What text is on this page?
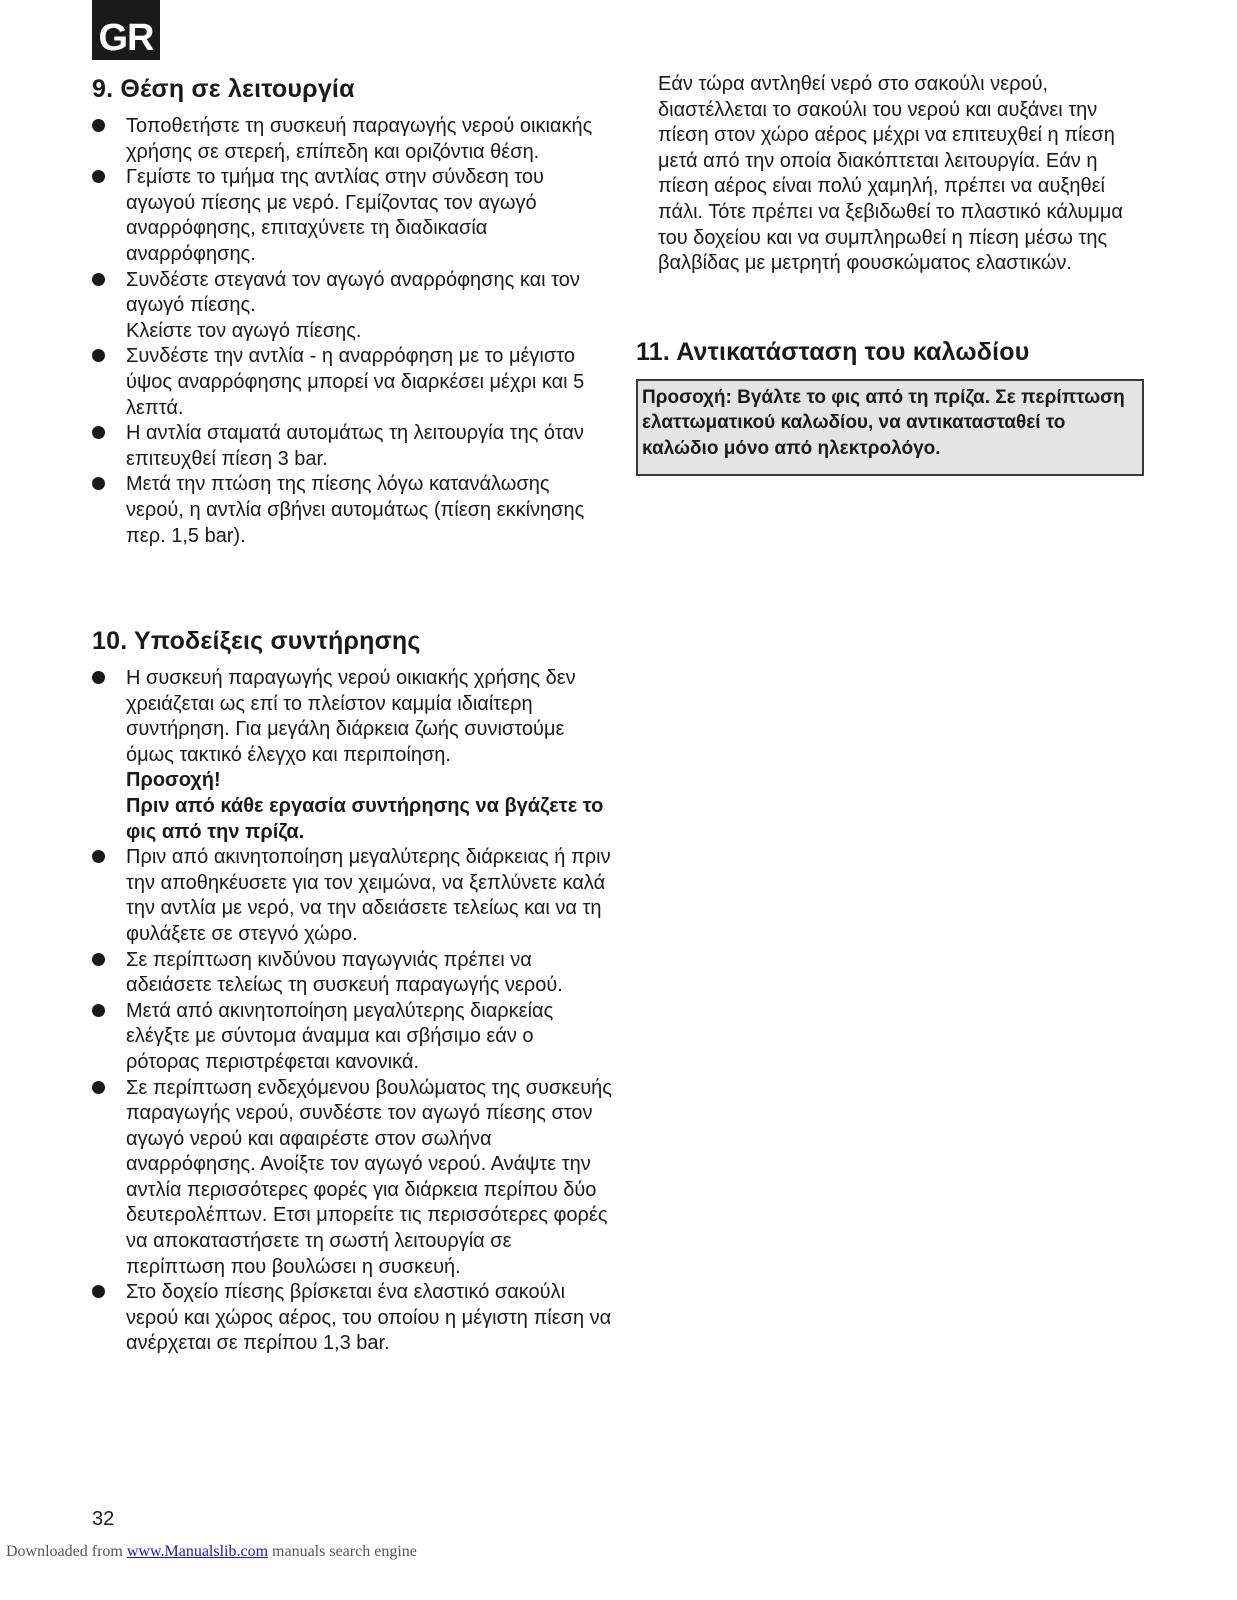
GR
9. Θέση σε λειτουργία

Τοποθετήστε τη συσκευή παραγωγής νερού οικιακής χρήσης σε στερεή, επίπεδη και οριζόντια θέση.

Γεμίστε το τμήμα της αντλίας στην σύνδεση του αγωγού πίεσης με νερό. Γεμίζοντας τον αγωγό αναρρόφησης, επιταχύνετε τη διαδικασία αναρρόφησης.

Συνδέστε στεγανά τον αγωγό αναρρόφησης και τον αγωγό πίεσης.

Κλείστε τον αγωγό πίεσης.

Συνδέστε την αντλία - η αναρρόφηση με το μέγιστο ύψος αναρρόφησης μπορεί να διαρκέσει μέχρι και 5 λεπτά.

Η αντλία σταματά αυτομάτως τη λειτουργία της όταν επιτευχθεί πίεση 3 bar.

Μετά την πτώση της πίεσης λόγω κατανάλωσης νερού, η αντλία σβήνει αυτομάτως (πίεση εκκίνησης περ. 1,5 bar).

10. Υποδείξεις συντήρησης

Η συσκευή παραγωγής νερού οικιακής χρήσης δεν χρειάζεται ως επί το πλείστον καμμία ιδιαίτερη συντήρηση. Για μεγάλη διάρκεια ζωής συνιστούμε όμως τακτικό έλεγχο και περιποίηση.

Προσοχή!

Πριν από κάθε εργασία συντήρησης να βγάζετε το φις από την πρίζα.

Πριν από ακινητοποίηση μεγαλύτερης διάρκειας ή πριν την αποθηκέυσετε για τον χειμώνα, να ξεπλύνετε καλά την αντλία με νερό, να την αδειάσετε τελείως και να τη φυλάξετε σε στεγνό χώρο.

Σε περίπτωση κινδύνου παγωγνιάς πρέπει να αδειάσετε τελείως τη συσκευή παραγωγής νερού.

Μετά από ακινητοποίηση μεγαλύτερης διαρκείας ελέγξτε με σύντομα άναμμα και σβήσιμο εάν ο ρότορας περιστρέφεται κανονικά.

Σε περίπτωση ενδεχόμενου βουλώματος της συσκευής παραγωγής νερού, συνδέστε τον αγωγό πίεσης στον αγωγό νερού και αφαιρέστε στον σωλήνα αναρρόφησης. Ανοίξτε τον αγωγό νερού. Ανάψτε την αντλία περισσότερες φορές για διάρκεια περίπου δύο δευτερολέπτων. Ετσι μπορείτε τις περισσότερες φορές να αποκαταστήσετε τη σωστή λειτουργία σε περίπτωση που βουλώσει η συσκευή.

Στο δοχείο πίεσης βρίσκεται ένα ελαστικό σακούλι νερού και χώρος αέρος, του οποίου η μέγιστη πίεση να ανέρχεται σε περίπου 1,3 bar.

Εάν τώρα αντληθεί νερό στο σακούλι νερού, διαστέλλεται το σακούλι του νερού και αυξάνει την πίεση στον χώρο αέρος μέχρι να επιτευχθεί η πίεση μετά από την οποία διακόπτεται λειτουργία. Εάν η πίεση αέρος είναι πολύ χαμηλή, πρέπει να αυξηθεί πάλι. Τότε πρέπει να ξεβιδωθεί το πλαστικό κάλυμμα του δοχείου και να συμπληρωθεί η πίεση μέσω της βαλβίδας με μετρητή φουσκώματος ελαστικών.

11. Αντικατάσταση του καλωδίου
Προσοχή: Βγάλτε το φις από τη πρίζα. Σε περίπτωση ελαττωματικού καλωδίου, να αντικατασταθεί το καλώδιο μόνο από ηλεκτρολόγο.
32
Downloaded from www.Manualslib.com manuals search engine
